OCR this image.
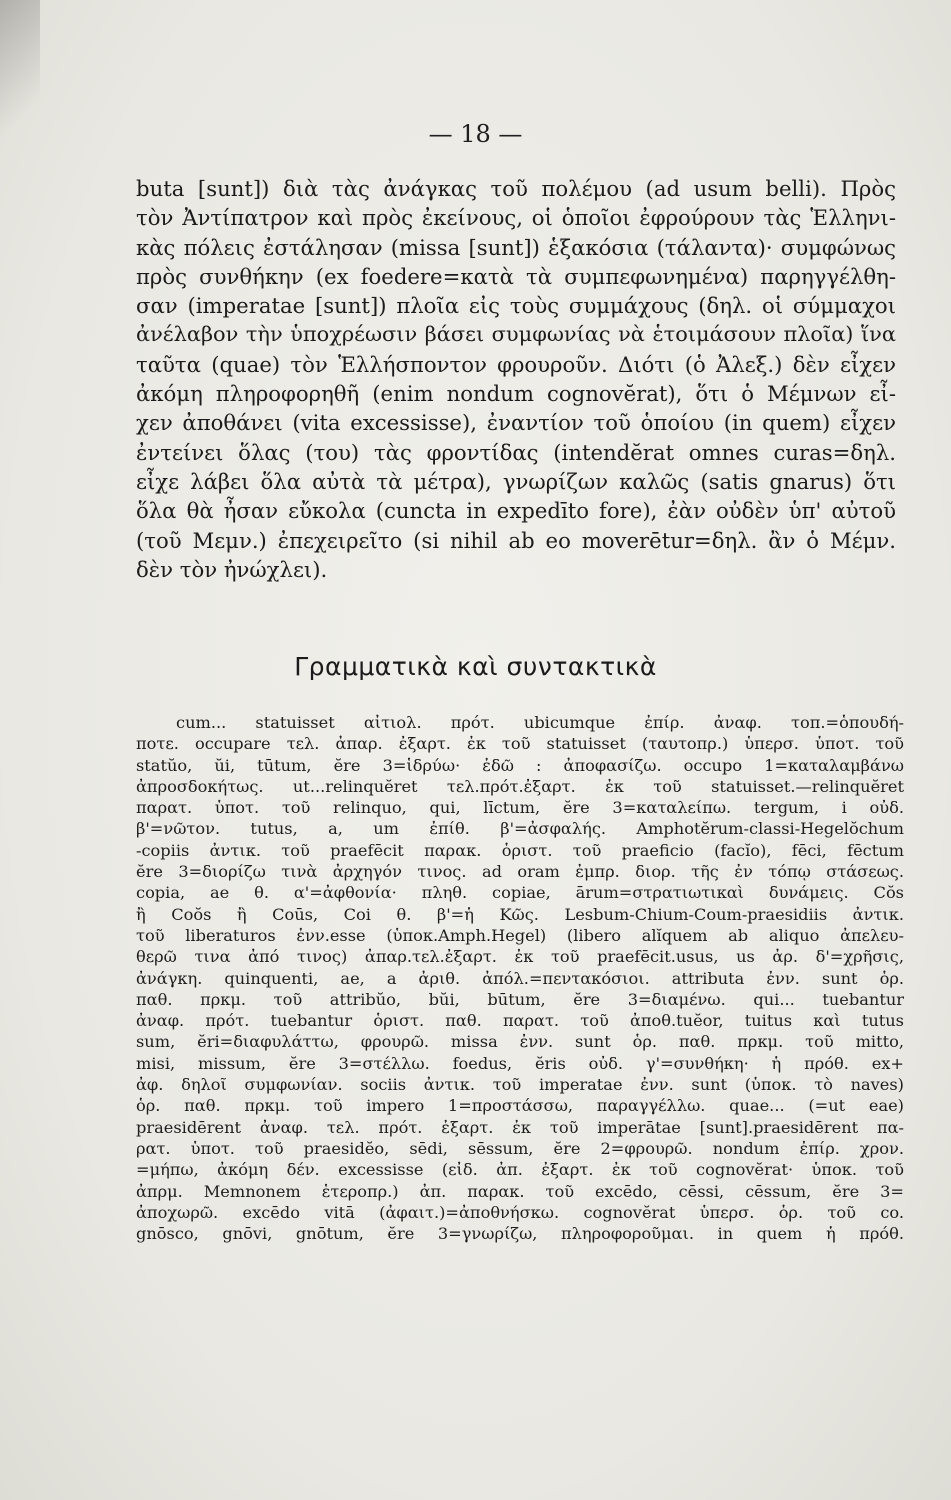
— 18 —
buta [sunt]) διὰ τὰς ἀνάγκας τοῦ πολέμου (ad usum belli). Πρὸς
τὸν Ἀντίπατρον καὶ πρὸς ἐκείνους, οἱ ὁποῖοι ἐφρούρουν τὰς Ἑλληνι-
κὰς πόλεις ἐστάλησαν (missa [sunt]) ἑξακόσια (τάλαντα)· συμφώνως
πρὸς συνθήκην (ex foedere=κατὰ τὰ συμπεφωνημένα) παρηγγέλθη-
σαν (imperatae [sunt]) πλοῖα εἰς τοὺς συμμάχους (δηλ. οἱ σύμμαχοι
ἀνέλαβον τὴν ὑποχρέωσιν βάσει συμφωνίας νὰ ἑτοιμάσουν πλοῖα) ἵνα
ταῦτα (quae) τὸν Ἑλλήσποντον φρουροῦν. Διότι (ὁ Ἀλεξ.) δὲν εἶχεν
ἀκόμη πληροφορηθῆ (enim nondum cognovĕrat), ὅτι ὁ Μέμνων εἶ-
χεν ἀποθάνει (vita excessisse), ἐναντίον τοῦ ὁποίου (in quem) εἶχεν
ἐντείνει ὅλας (του) τὰς φροντίδας (intendĕrat omnes curas=δηλ.
εἶχε λάβει ὅλα αὐτὰ τὰ μέτρα), γνωρίζων καλῶς (satis gnarus) ὅτι
ὅλα θὰ ἦσαν εὔκολα (cuncta in expedīto fore), ἐὰν οὐδὲν ὑπ' αὐτοῦ
(τοῦ Μεμν.) ἐπεχειρεῖτο (si nihil ab eo moverētur=δηλ. ἂν ὁ Μέμν.
δὲν τὸν ἠνώχλει).
Γραμματικὰ καὶ συντακτικὰ
cum... statuisset αἰτιολ. πρότ. ubicumque ἐπίρ. ἀναφ. τοπ.=ὁπουδή-
ποτε. occupare τελ. ἀπαρ. ἐξαρτ. ἐκ τοῦ statuisset (ταυτοπρ.) ὑπερσ. ὑποτ. τοῦ
statŭo, ŭi, tūtum, ĕre 3=ἱδρύω· ἐδῶ : ἀποφασίζω. occupo 1=καταλαμβάνω
ἀπροσδοκήτως. ut...relinquĕret τελ.πρότ.ἐξαρτ. ἐκ τοῦ statuisset.—relinquĕret
παρατ. ὑποτ. τοῦ relinquo, qui, līctum, ĕre 3=καταλείπω. tergum, i οὐδ.
β'=νῶτον. tutus, a, um ἐπίθ. β'=ἀσφαλής. Amphotĕrum-classi-Hegelŏchum
-copiis ἀντικ. τοῦ praefēcit παρακ. ὁριστ. τοῦ praeficio (facĭo), fēci, fēctum
ĕre 3=διορίζω τινὰ ἀρχηγόν τινος. ad oram ἐμπρ. διορ. τῆς ἐν τόπῳ στάσεως.
copia, ae θ. α'=ἀφθονία· πληθ. copiae, ārum=στρατιωτικαὶ δυνάμεις. Cŏs
ἢ Coŏs ἢ Coūs, Coi θ. β'=ἡ Κῶς. Lesbum-Chium-Coum-praesidiis ἀντικ.
τοῦ liberaturos ἐνν.esse (ὑποκ.Amph.Hegel) (libero alĭquem ab aliquo ἀπελευ-
θερῶ τινα ἀπό τινος) ἀπαρ.τελ.ἐξαρτ. ἐκ τοῦ praefēcit.usus, us ἀρ. δ'=χρῆσις,
ἀνάγκη. quinquenti, ae, a ἀριθ. ἀπόλ.=πεντακόσιοι. attributa ἐνν. sunt ὁρ.
παθ. πρκμ. τοῦ attribŭo, bŭi, būtum, ĕre 3=διαμένω. qui... tuebantur
ἀναφ. πρότ. tuebantur ὁριστ. παθ. παρατ. τοῦ ἀποθ.tuĕor, tuitus καὶ tutus
sum, ĕri=διαφυλάττω, φρουρῶ. missa ἐνν. sunt ὁρ. παθ. πρκμ. τοῦ mitto,
misi, missum, ĕre 3=στέλλω. foedus, ĕris οὐδ. γ'=συνθήκη· ἡ πρόθ. ex+
ἀφ. δηλοῖ συμφωνίαν. sociis ἀντικ. τοῦ imperatae ἐνν. sunt (ὑποκ. τὸ naves)
ὁρ. παθ. πρκμ. τοῦ impero 1=προστάσσω, παραγγέλλω. quae... (=ut eae)
praesidērent ἀναφ. τελ. πρότ. ἐξαρτ. ἐκ τοῦ imperātae [sunt].praesidērent πα-
ρατ. ὑποτ. τοῦ praesidĕo, sēdi, sēssum, ĕre 2=φρουρῶ. nondum ἐπίρ. χρον.
=μήπω, ἀκόμη δέν. excessisse (εἰδ. ἀπ. ἐξαρτ. ἐκ τοῦ cognovĕrat· ὑποκ. τοῦ
ἀπρμ. Memnonem ἑτεροπρ.) ἀπ. παρακ. τοῦ excēdo, cēssi, cēssum, ĕre 3=
ἀποχωρῶ. excēdo vitā (ἀφαιτ.)=ἀποθνήσκω. cognovĕrat ὑπερσ. ὁρ. τοῦ co.
gnōsco, gnōvi, gnōtum, ĕre 3=γνωρίζω, πληροφοροῦμαι. in quem ἡ πρόθ.
